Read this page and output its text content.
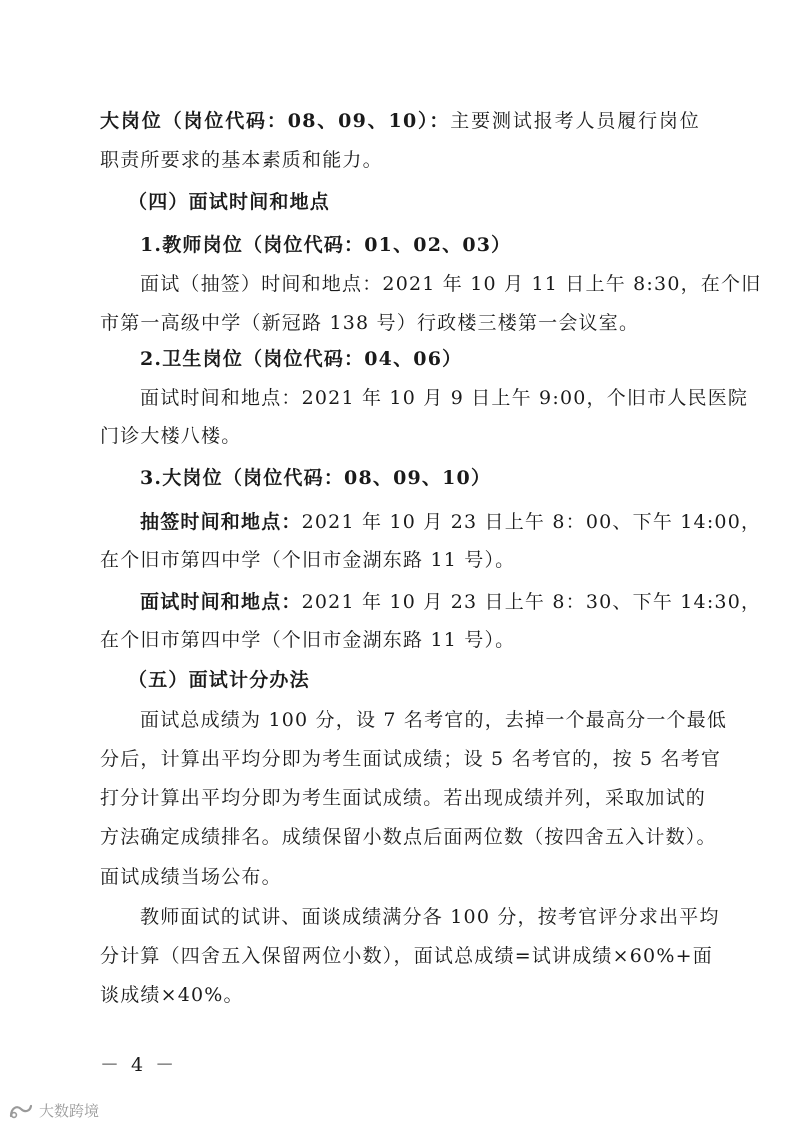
大岗位（岗位代码：08、09、10）：主要测试报考人员履行岗位
职责所要求的基本素质和能力。
（四）面试时间和地点
1.教师岗位（岗位代码：01、02、03）
面试（抽签）时间和地点：2021 年 10 月 11 日上午 8:30，在个旧
市第一高级中学（新冠路 138 号）行政楼三楼第一会议室。
2.卫生岗位（岗位代码：04、06）
面试时间和地点：2021 年 10 月 9 日上午 9:00，个旧市人民医院
门诊大楼八楼。
3.大岗位（岗位代码：08、09、10）
抽签时间和地点：2021 年 10 月 23 日上午 8：00、下午 14:00，
在个旧市第四中学（个旧市金湖东路 11 号）。
面试时间和地点：2021 年 10 月 23 日上午 8：30、下午 14:30，
在个旧市第四中学（个旧市金湖东路 11 号）。
（五）面试计分办法
面试总成绩为 100 分，设 7 名考官的，去掉一个最高分一个最低
分后，计算出平均分即为考生面试成绩；设 5 名考官的，按 5 名考官
打分计算出平均分即为考生面试成绩。若出现成绩并列，采取加试的
方法确定成绩排名。成绩保留小数点后面两位数（按四舍五入计数）。
面试成绩当场公布。
教师面试的试讲、面谈成绩满分各 100 分，按考官评分求出平均
分计算（四舍五入保留两位小数），面试总成绩=试讲成绩×60%+面
谈成绩×40%。
－ 4 －
大数跨境
